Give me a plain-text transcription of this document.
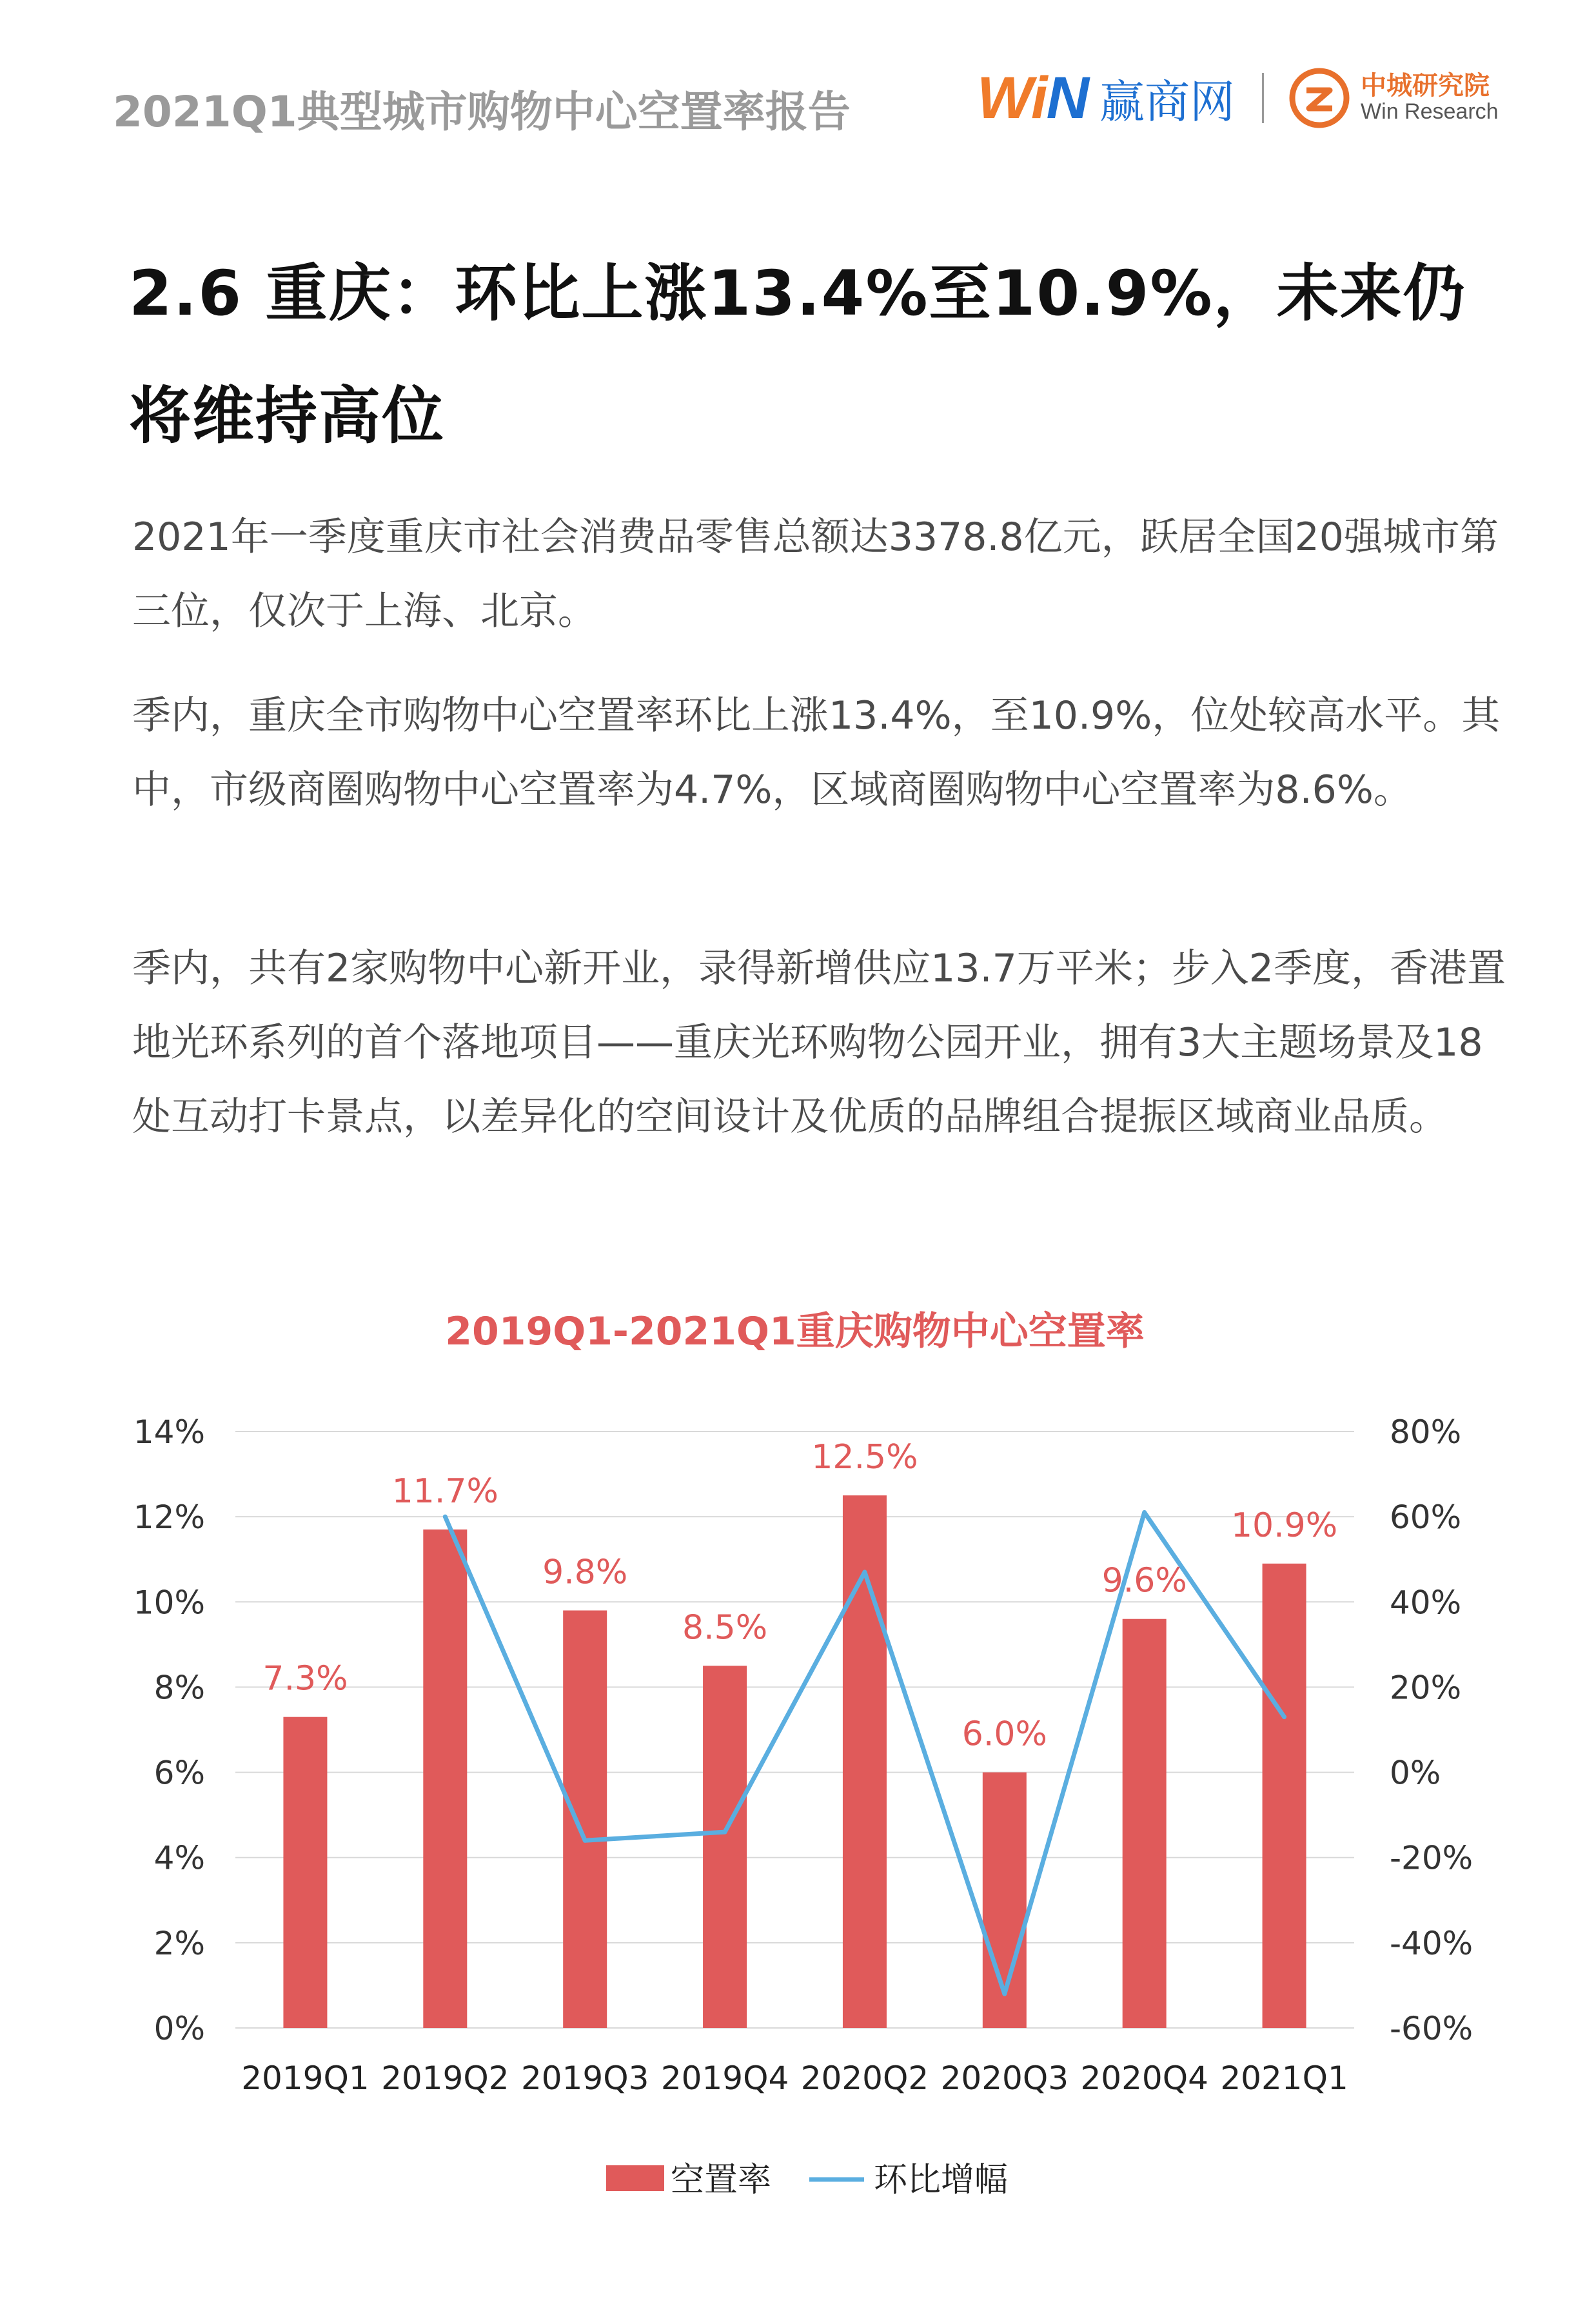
2021Q1典型城市购物中心空置率报告 WiN 赢商网	中城研究院
Win Research
2.6 重庆：环比上涨13.4%至10.9%，未来仍
将维持高位
2021年一季度重庆市社会消费品零售总额达3378.8亿元，跃居全国20强城市第三位，仅次于上海、北京。
季内，重庆全市购物中心空置率环比上涨13.4%，至10.9%，位处较高水平。其中，市级商圈购物中心空置率为4.7%，区域商圈购物中心空置率为8.6%。
季内，共有2家购物中心新开业，录得新增供应13.7万平米；步入2季度，香港置地光环系列的首个落地项目——重庆光环购物公园开业，拥有3大主题场景及18处互动打卡景点，以差异化的空间设计及优质的品牌组合提振区域商业品质。
2019Q1-2021Q1重庆购物中心空置率
0%
2%
4%
6%
8%
10%
12%
14%
-60%
-40%
-20%
0%
20%
40%
60%
80%
7.3%
11.7%
9.8%
8.5%
12.5%
6.0%
9.6%
10.9%
2019Q1 2019Q2 2019Q3 2019Q4 2020Q2 2020Q3 2020Q4 2021Q1
空置率	环比增幅
